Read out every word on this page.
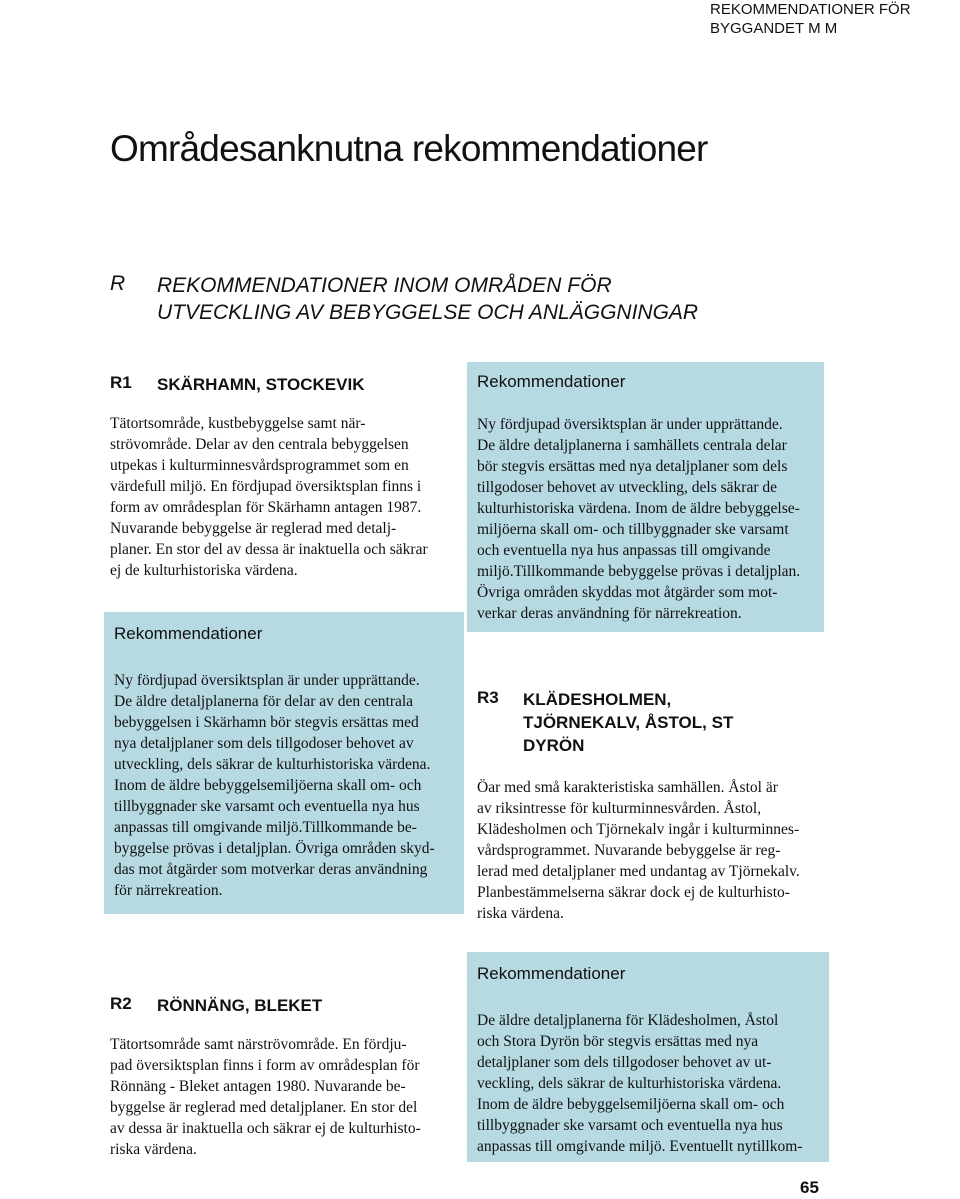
REKOMMENDATIONER FÖR
BYGGANDET M M
Områdesanknutna rekommendationer
R REKOMMENDATIONER INOM OMRÅDEN FÖR
UTVECKLING AV BEBYGGELSE OCH ANLÄGGNINGAR
R1 SKÄRHAMN, STOCKEVIK
Tätortsområde, kustbebyggelse samt när-
strövområde. Delar av den centrala bebyggelsen
utpekas i kulturminnesvårdsprogrammet som en
värdefull miljö. En fördjupad översiktsplan finns i
form av områdesplan för Skärhamn antagen 1987.
Nuvarande bebyggelse är reglerad med detalj-
planer. En stor del av dessa är inaktuella och säkrar
ej de kulturhistoriska värdena.
Rekommendationer
Ny fördjupad översiktsplan är under upprättande.
De äldre detaljplanerna för delar av den centrala
bebyggelsen i Skärhamn bör stegvis ersättas med
nya detaljplaner som dels tillgodoser behovet av
utveckling, dels säkrar de kulturhistoriska värdena.
Inom de äldre bebyggelsemiljöerna skall om- och
tillbyggnader ske varsamt och eventuella nya hus
anpassas till omgivande miljö.Tillkommande be-
byggelse prövas i detaljplan. Övriga områden skyd-
das mot åtgärder som motverkar deras användning
för närrekreation.
R2 RÖNNÄNG, BLEKET
Tätortsområde samt närströvområde. En fördju-
pad översiktsplan finns i form av områdesplan för
Rönnäng - Bleket antagen 1980. Nuvarande be-
byggelse är reglerad med detaljplaner. En stor del
av dessa är inaktuella och säkrar ej de kulturhisto-
riska värdena.
Rekommendationer
Ny fördjupad översiktsplan är under upprättande.
De äldre detaljplanerna i samhällets centrala delar
bör stegvis ersättas med nya detaljplaner som dels
tillgodoser behovet av utveckling, dels säkrar de
kulturhistoriska värdena. Inom de äldre bebyggelse-
miljöerna skall om- och tillbyggnader ske varsamt
och eventuella nya hus anpassas till omgivande
miljö.Tillkommande bebyggelse prövas i detaljplan.
Övriga områden skyddas mot åtgärder som mot-
verkar deras användning för närrekreation.
R3 KLÄDESHOLMEN,
TJÖRNEKALV, ÅSTOL, ST
DYRÖN
Öar med små karakteristiska samhällen. Åstol är
av riksintresse för kulturminnesvården. Åstol,
Klädesholmen och Tjörnekalv ingår i kulturminnes-
vårdsprogrammet. Nuvarande bebyggelse är reg-
lerad med detaljplaner med undantag av Tjörnekalv.
Planbestämmelserna säkrar dock ej de kulturhisto-
riska värdena.
Rekommendationer
De äldre detaljplanerna för Klädesholmen, Åstol
och Stora Dyrön bör stegvis ersättas med nya
detaljplaner som dels tillgodoser behovet av ut-
veckling, dels säkrar de kulturhistoriska värdena.
Inom de äldre bebyggelsemiljöerna skall om- och
tillbyggnader ske varsamt och eventuella nya hus
anpassas till omgivande miljö. Eventuellt nytillkom-
65
